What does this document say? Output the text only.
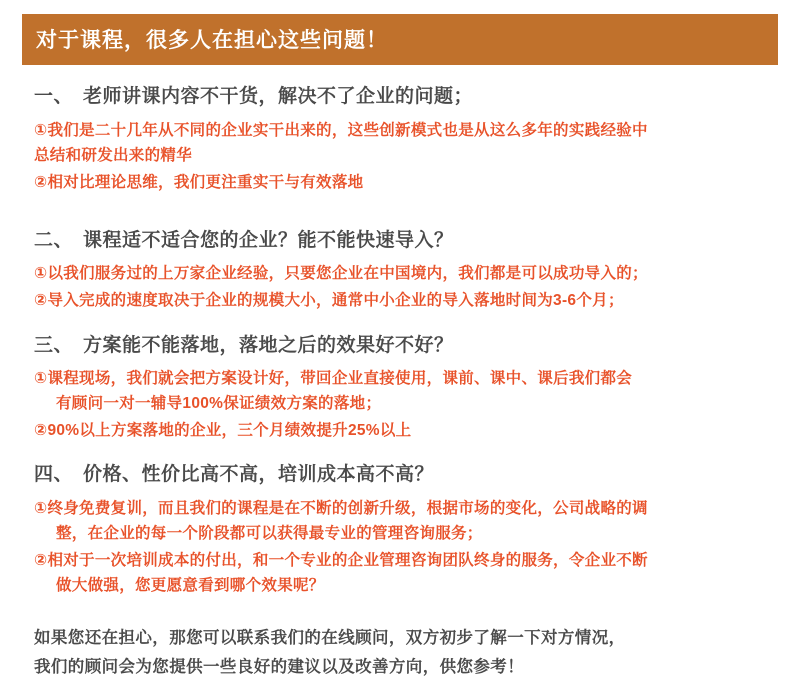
对于课程，很多人在担心这些问题！
一、 老师讲课内容不干货，解决不了企业的问题；
①我们是二十几年从不同的企业实干出来的，这些创新模式也是从这么多年的实践经验中
总结和研发出来的精华
②相对比理论思维，我们更注重实干与有效落地
二、 课程适不适合您的企业？能不能快速导入？
①以我们服务过的上万家企业经验，只要您企业在中国境内，我们都是可以成功导入的；
②导入完成的速度取决于企业的规模大小，通常中小企业的导入落地时间为3-6个月；
三、 方案能不能落地，落地之后的效果好不好？
①课程现场，我们就会把方案设计好，带回企业直接使用，课前、课中、课后我们都会
有顾问一对一辅导100%保证绩效方案的落地；
②90%以上方案落地的企业，三个月绩效提升25%以上
四、 价格、性价比高不高，培训成本高不高？
①终身免费复训，而且我们的课程是在不断的创新升级，根据市场的变化，公司战略的调
整，在企业的每一个阶段都可以获得最专业的管理咨询服务；
②相对于一次培训成本的付出，和一个专业的企业管理咨询团队终身的服务，令企业不断
做大做强，您更愿意看到哪个效果呢？
如果您还在担心，那您可以联系我们的在线顾问，双方初步了解一下对方情况，
我们的顾问会为您提供一些良好的建议以及改善方向，供您参考！
